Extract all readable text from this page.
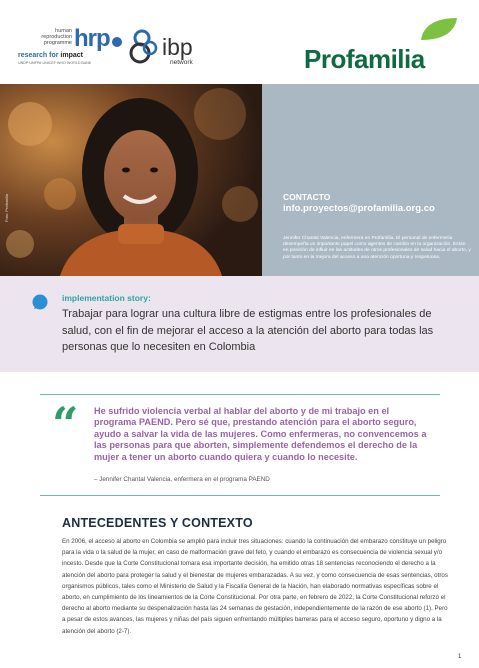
human
reproduction
programme hrp
research for impact
UNDP·UNFPA·UNICEF·WHO·WORLD BANK
ibp
network	Profamilia
Foto: Profamilia	CONTACTO
info.proyectos@profamilia.org.co
Jennifer Chantal Valencia, enfermera en Profamilia. El personal de enfermería desempeña un importante papel como agentes de cambio en la organización. Están en posición de influir en las actitudes de otros profesionales de salud hacia el aborto, y por tanto en la mejora del acceso a una atención oportuna y respetuosa.
implementation story:
Trabajar para lograr una cultura libre de estigmas entre los profesionales de salud, con el fin de mejorar el acceso a la atención del aborto para todas las personas que lo necesiten en Colombia
“ He sufrido violencia verbal al hablar del aborto y de mi trabajo en el programa PAEND. Pero sé que, prestando atención para el aborto seguro, ayudo a salvar la vida de las mujeres. Como enfermeras, no convencemos a las personas para que aborten, simplemente defendemos el derecho de la mujer a tener un aborto cuando quiera y cuando lo necesite.
– Jennifer Chantal Valencia, enfermera en el programa PAEND
ANTECEDENTES Y CONTEXTO
En 2006, el acceso al aborto en Colombia se amplió para incluir tres situaciones: cuando la continuación del embarazo constituye un peligro para la vida o la salud de la mujer, en caso de malformación grave del feto, y cuando el embarazo es consecuencia de violencia sexual y/o incesto. Desde que la Corte Constitucional tomara esa importante decisión, ha emitido otras 18 sentencias reconociendo el derecho a la atención del aborto para proteger la salud y el bienestar de mujeres embarazadas. A su vez, y como consecuencia de esas sentencias, otros organismos públicos, tales como el Ministerio de Salud y la Fiscalía General de la Nación, han elaborado normativas específicas sobre el aborto, en cumplimiento de los lineamientos de la Corte Constitucional. Por otra parte, en febrero de 2022, la Corte Constitucional reforzó el derecho al aborto mediante su despenalización hasta las 24 semanas de gestación, independientemente de la razón de ese aborto (1). Pero a pesar de estos avances, las mujeres y niñas del país siguen enfrentando múltiples barreras para el acceso seguro, oportuno y digno a la atención del aborto (2-7).
1
